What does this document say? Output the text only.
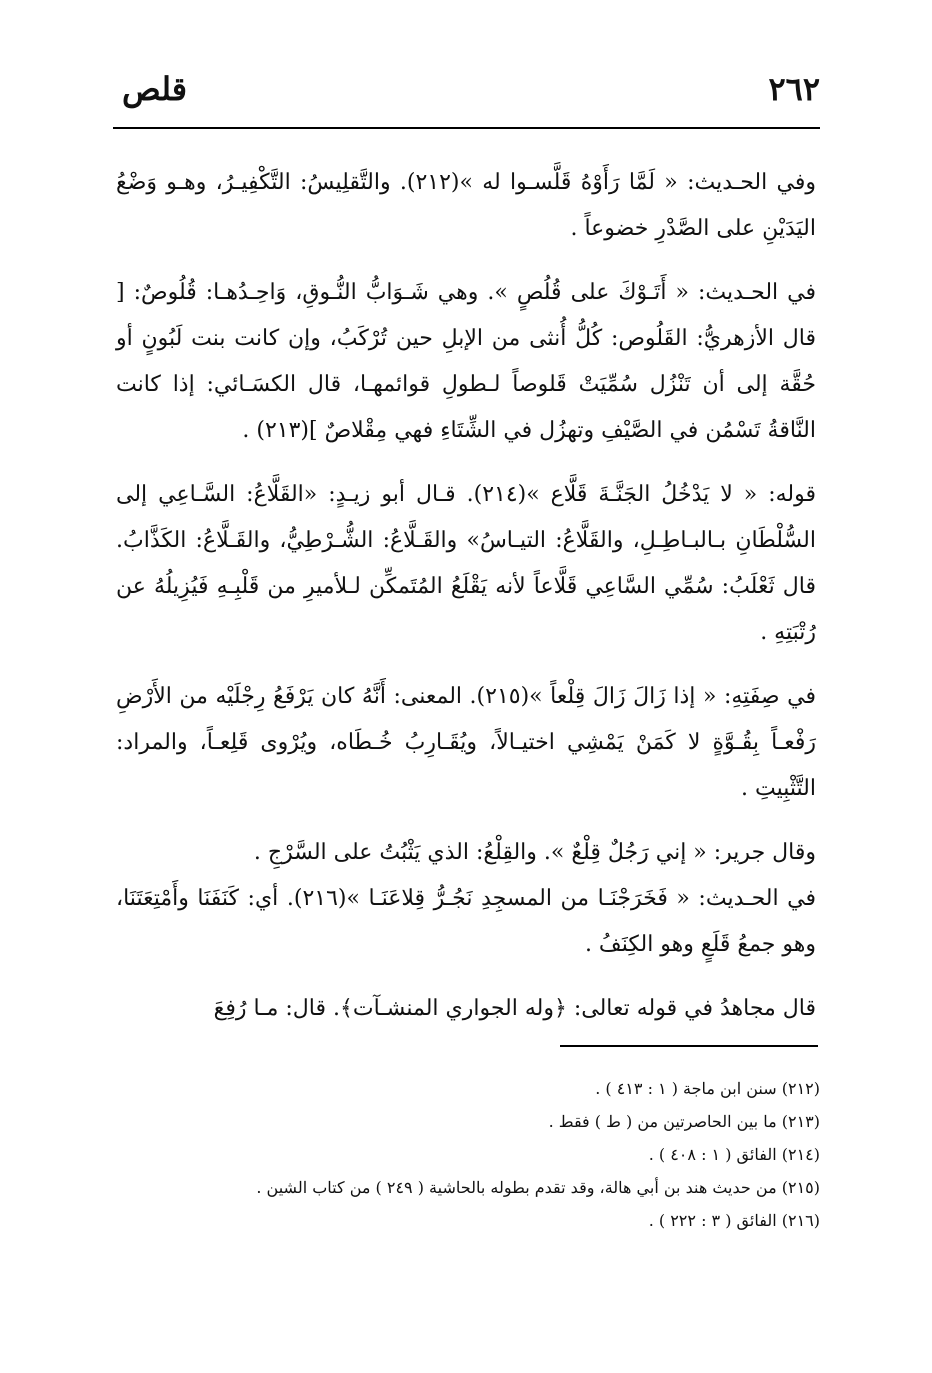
٢٦٢
قلص

وفي الحـديث: « لَمَّا رَأَوْهُ قَلَّسـوا له »(٢١٢). والتَّقلِيسُ: التَّكْفِيـرُ، وهـو وَضْعُ اليَدَيْنِ على الصَّدْرِ خضوعاً .

في الحـديث: « أَتَـوْكَ على قُلُصٍ ». وهي شَـوَابُّ النُّـوقِ، وَاحِـدُهـا: قُلُوصٌ: [ قال الأزهريُّ: القَلُوص: كُلُّ أُنثى من الإبلِ حين تُرْكَبُ، وإن كانت بنت لَبُونٍ أو حُقَّة إلى أن تَنْزُل سُمِّيَتْ قَلوصاً لـطولِ قوائمهـا، قال الكسَـائي: إذا كانت النَّاقةُ تَسْمُن في الصَّيْفِ وتهزُل في الشِّتَاءِ فهي مِقْلاصٌ ](٢١٣) .

قوله: « لا يَدْخُلُ الجَنَّـةَ قَلَّاع »(٢١٤). قـال أبو زيـدٍ: «القَلَّاعُ: السَّـاعِي إلى السُّلْطَانِ بـالبـاطِـلِ، والقَلَّاعُ: التيـاسُ» والقَـلَّاعُ: الشُّـرْطِيُّ، والقَـلَّاعُ: الكَذَّابُ. قال ثَعْلَبُ: سُمِّي السَّاعِي قَلَّاعاً لأنه يَقْلَعُ المُتَمكِّن لـلأميرِ من قَلْبِـهِ فَيُزِيلُهُ عن رُتْبَتِهِ .

في صِفَتِهِ: « إذا زَالَ زَالَ قِلْعاً »(٢١٥). المعنى: أَنَّهُ كان يَرْفَعُ رِجْلَيْه من الأَرْضِ رَفْعـاً بِقُـوَّةٍ لا كَمَنْ يَمْشِي اختيـالاً، ويُقَـارِبُ خُـطَاه، ويُرْوى قَلِعـاً، والمراد: التَّثْبِيتِ .

وقال جرير: « إني رَجُلٌ قِلْعٌ ». والقِلْعُ: الذي يَثْبُتُ على السَّرْجِ .

في الحـديث: « فَخَرَجْنَـا من المسجِدِ نَجُـرُّ قِلاعَنَـا »(٢١٦). أي: كَنَفَنَا وأَمْتِعَتَنَا، وهو جمعُ قَلَعٍ وهو الكِنَفُ .

قال مجاهدُ في قوله تعالى: ﴿وله الجواري المنشـآت﴾. قال: مـا رُفِعَ

(٢١٢) سنن ابن ماجة ( ١ : ٤١٣ ) .

(٢١٣) ما بين الحاصرتين من ( ط ) فقط .

(٢١٤) الفائق ( ١ : ٤٠٨ ) .

(٢١٥) من حديث هند بن أبي هالة، وقد تقدم بطوله بالحاشية ( ٢٤٩ ) من كتاب الشين .

(٢١٦) الفائق ( ٣ : ٢٢٢ ) .
